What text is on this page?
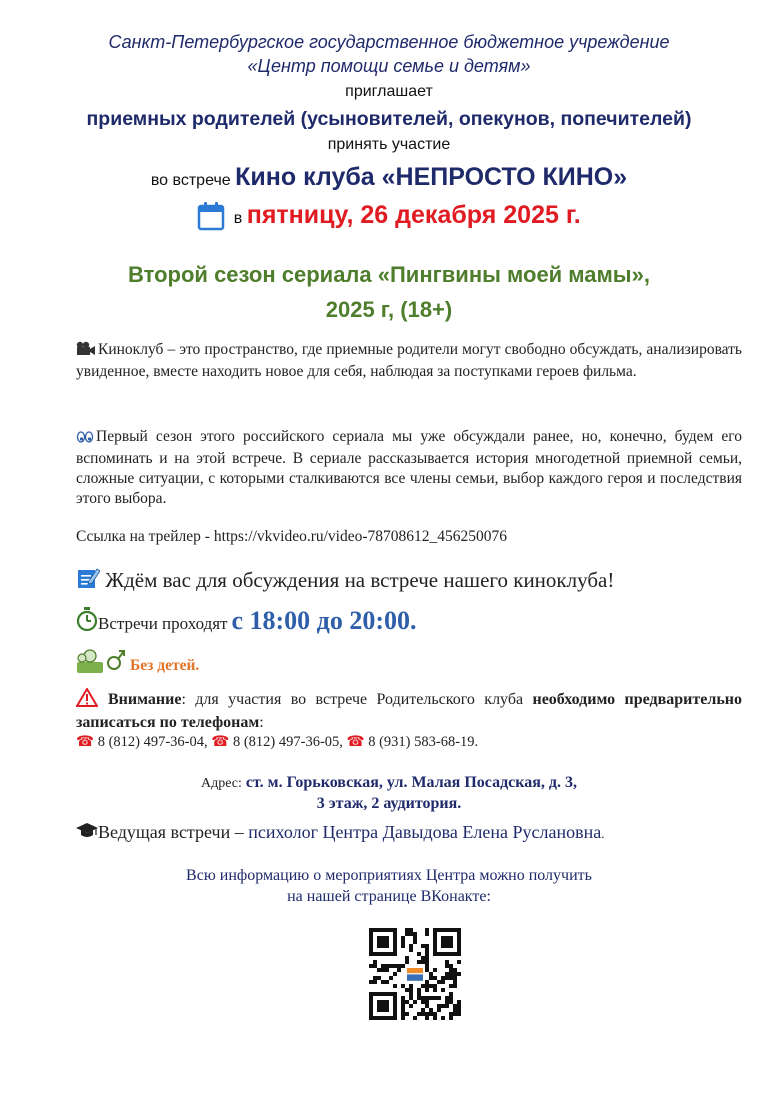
Санкт-Петербургское государственное бюджетное учреждение
«Центр помощи семье и детям»
приглашает
приемных родителей (усыновителей, опекунов, попечителей)
принять участие
во встрече Кино клуба «НЕПРОСТО КИНО»
в пятницу, 26 декабря 2025 г.
Второй сезон сериала «Пингвины моей мамы»,
2025 г, (18+)
Киноклуб – это пространство, где приемные родители могут свободно обсуждать, анализировать увиденное, вместе находить новое для себя, наблюдая за поступками героев фильма.
Первый сезон этого российского сериала мы уже обсуждали ранее, но, конечно, будем его вспоминать и на этой встрече. В сериале рассказывается история многодетной приемной семьи, сложные ситуации, с которыми сталкиваются все члены семьи, выбор каждого героя и последствия этого выбора.
Ссылка на трейлер - https://vkvideo.ru/video-78708612_456250076
Ждём вас для обсуждения на встрече нашего киноклуба!
Встречи проходят с 18:00 до 20:00.
Без детей.
Внимание: для участия во встрече Родительского клуба необходимо предварительно записаться по телефонам:
☎ 8 (812) 497-36-04, ☎ 8 (812) 497-36-05, ☎ 8 (931) 583-68-19.
Адрес: ст. м. Горьковская, ул. Малая Посадская, д. 3,
3 этаж, 2 аудитория.
Ведущая встречи – психолог Центра Давыдова Елена Руслановна.
Всю информацию о мероприятиях Центра можно получить
на нашей странице ВКонакте:
